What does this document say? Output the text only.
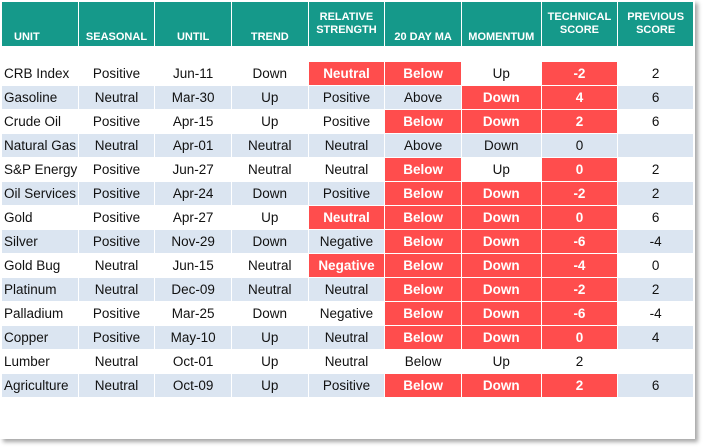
UNIT	SEASONAL	UNTIL	TREND	RELATIVE STRENGTH	20 DAY MA	MOMENTUM	TECHNICAL SCORE	PREVIOUS SCORE

CRB Index	Positive	Jun-11	Down	Neutral	Below	Up	-2	2
Gasoline	Neutral	Mar-30	Up	Positive	Above	Down	4	6
Crude Oil	Positive	Apr-15	Up	Positive	Below	Down	2	6
Natural Gas	Neutral	Apr-01	Neutral	Neutral	Above	Down	0	
S&P Energy	Positive	Jun-27	Neutral	Neutral	Below	Up	0	2
Oil Services	Positive	Apr-24	Down	Positive	Below	Down	-2	2
Gold	Positive	Apr-27	Up	Neutral	Below	Down	0	6
Silver	Positive	Nov-29	Down	Negative	Below	Down	-6	-4
Gold Bug	Neutral	Jun-15	Neutral	Negative	Below	Down	-4	0
Platinum	Neutral	Dec-09	Neutral	Neutral	Below	Down	-2	2
Palladium	Positive	Mar-25	Down	Negative	Below	Down	-6	-4
Copper	Positive	May-10	Up	Neutral	Below	Down	0	4
Lumber	Neutral	Oct-01	Up	Neutral	Below	Up	2	
Agriculture	Neutral	Oct-09	Up	Positive	Below	Down	2	6
